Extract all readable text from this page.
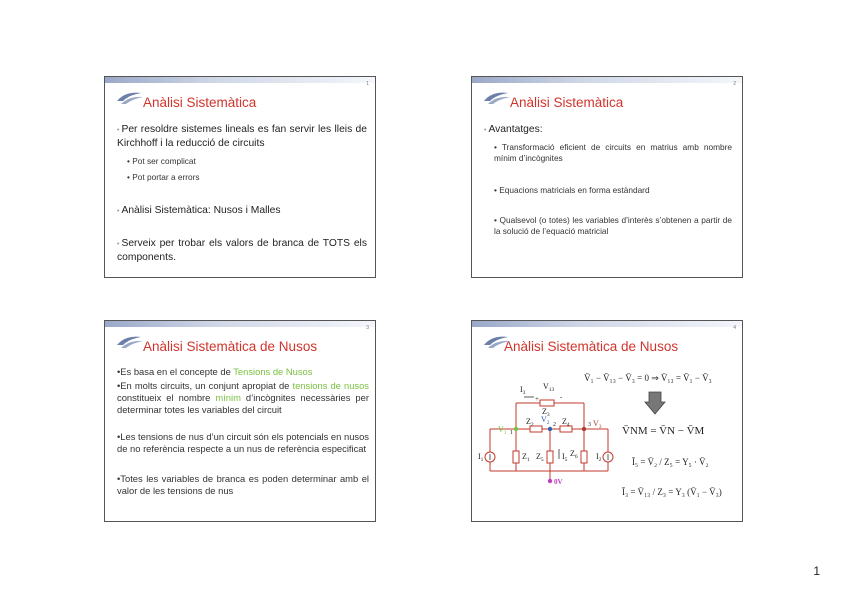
1
Anàlisi Sistemàtica
• Per resoldre sistemes lineals es fan servir les lleis de Kirchhoff i la reducció de circuits
• Pot ser complicat
• Pot portar a errors
• Anàlisi Sistemàtica: Nusos i Malles
• Serveix per trobar els valors de branca de TOTS els components.
2
Anàlisi Sistemàtica
• Avantatges:
• Transformació eficient de circuits en matrius amb nombre mínim d’incògnites
• Equacions matricials en forma estàndard
• Qualsevol (o totes) les variables d’interès s’obtenen a partir de la solució de l’equació matricial
3
Anàlisi Sistemàtica de Nusos
•Es basa en el concepte de Tensions de Nusos
•En molts circuits, un conjunt apropiat de tensions de nusos constitueix el nombre mínim d’incògnites necessàries per determinar totes les variables del circuit
•Les tensions de nus d’un circuit són els potencials en nusos de no referència respecte a un nus de referència especificat
•Totes les variables de branca es poden determinar amb el valor de les tensions de nus
4
Anàlisi Sistemàtica de Nusos
$I_3$
$V_{13}$
+	-
$Z_3$
$V_1$ 1
$Z_2$
$V_2$ 2 $Z_4$	3 $V_3$
$I_1$	$Z_1$ $Z_5$ $I_5$
$Z_6$ $I_2$
0V
V̄₁ − V̄₁₃ − V̄₃ = 0 ⇒ V̄₁₃ = V̄₁ − V̄₃
V̄NM = V̄N − V̄M
Ī₅ = V̄₂ / Z₅ = Y₅ · V̄₂
Ī₃ = V̄₁₃ / Z₃ = Y₃ (V̄₁ − V̄₃)
1
